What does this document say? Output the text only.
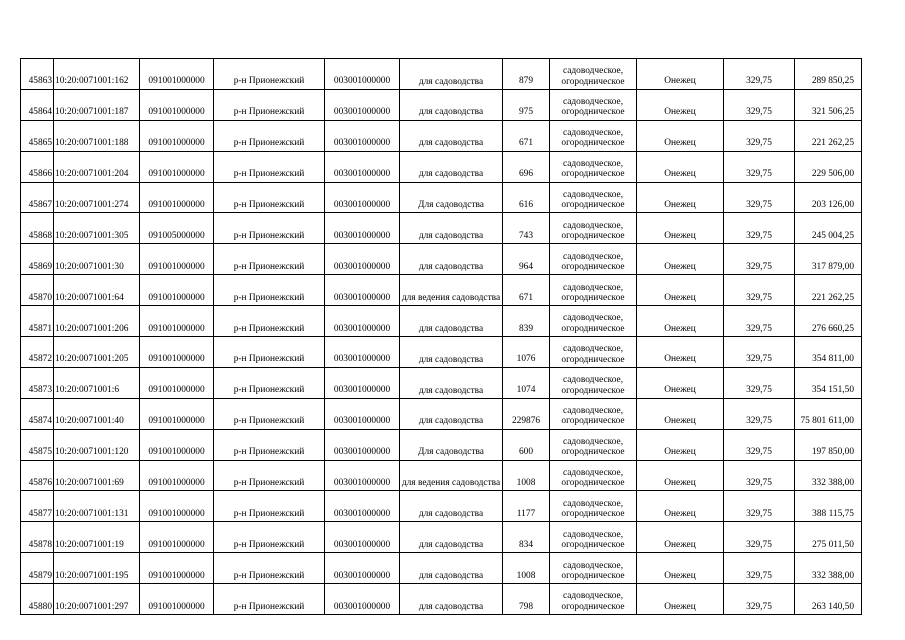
45863	10:20:0071001:162	091001000000	р-н Прионежский	003001000000	для садоводства	879	садоводческое, огородническое	Онежец	329,75	289 850,25
45864	10:20:0071001:187	091001000000	р-н Прионежский	003001000000	для садоводства	975	садоводческое, огородническое	Онежец	329,75	321 506,25
45865	10:20:0071001:188	091001000000	р-н Прионежский	003001000000	для садоводства	671	садоводческое, огородническое	Онежец	329,75	221 262,25
45866	10:20:0071001:204	091001000000	р-н Прионежский	003001000000	для садоводства	696	садоводческое, огородническое	Онежец	329,75	229 506,00
45867	10:20:0071001:274	091001000000	р-н Прионежский	003001000000	Для садоводства	616	садоводческое, огородническое	Онежец	329,75	203 126,00
45868	10:20:0071001:305	091005000000	р-н Прионежский	003001000000	для садоводства	743	садоводческое, огородническое	Онежец	329,75	245 004,25
45869	10:20:0071001:30	091001000000	р-н Прионежский	003001000000	для садоводства	964	садоводческое, огородническое	Онежец	329,75	317 879,00
45870	10:20:0071001:64	091001000000	р-н Прионежский	003001000000	для ведения садоводства	671	садоводческое, огородническое	Онежец	329,75	221 262,25
45871	10:20:0071001:206	091001000000	р-н Прионежский	003001000000	для садоводства	839	садоводческое, огородническое	Онежец	329,75	276 660,25
45872	10:20:0071001:205	091001000000	р-н Прионежский	003001000000	для садоводства	1076	садоводческое, огородническое	Онежец	329,75	354 811,00
45873	10:20:0071001:6	091001000000	р-н Прионежский	003001000000	для садоводства	1074	садоводческое, огородническое	Онежец	329,75	354 151,50
45874	10:20:0071001:40	091001000000	р-н Прионежский	003001000000	для садоводства	229876	садоводческое, огородническое	Онежец	329,75	75 801 611,00
45875	10:20:0071001:120	091001000000	р-н Прионежский	003001000000	Для садоводства	600	садоводческое, огородническое	Онежец	329,75	197 850,00
45876	10:20:0071001:69	091001000000	р-н Прионежский	003001000000	для ведения садоводства	1008	садоводческое, огородническое	Онежец	329,75	332 388,00
45877	10:20:0071001:131	091001000000	р-н Прионежский	003001000000	для садоводства	1177	садоводческое, огородническое	Онежец	329,75	388 115,75
45878	10:20:0071001:19	091001000000	р-н Прионежский	003001000000	для садоводства	834	садоводческое, огородническое	Онежец	329,75	275 011,50
45879	10:20:0071001:195	091001000000	р-н Прионежский	003001000000	для садоводства	1008	садоводческое, огородническое	Онежец	329,75	332 388,00
45880	10:20:0071001:297	091001000000	р-н Прионежский	003001000000	для садоводства	798	садоводческое, огородническое	Онежец	329,75	263 140,50
